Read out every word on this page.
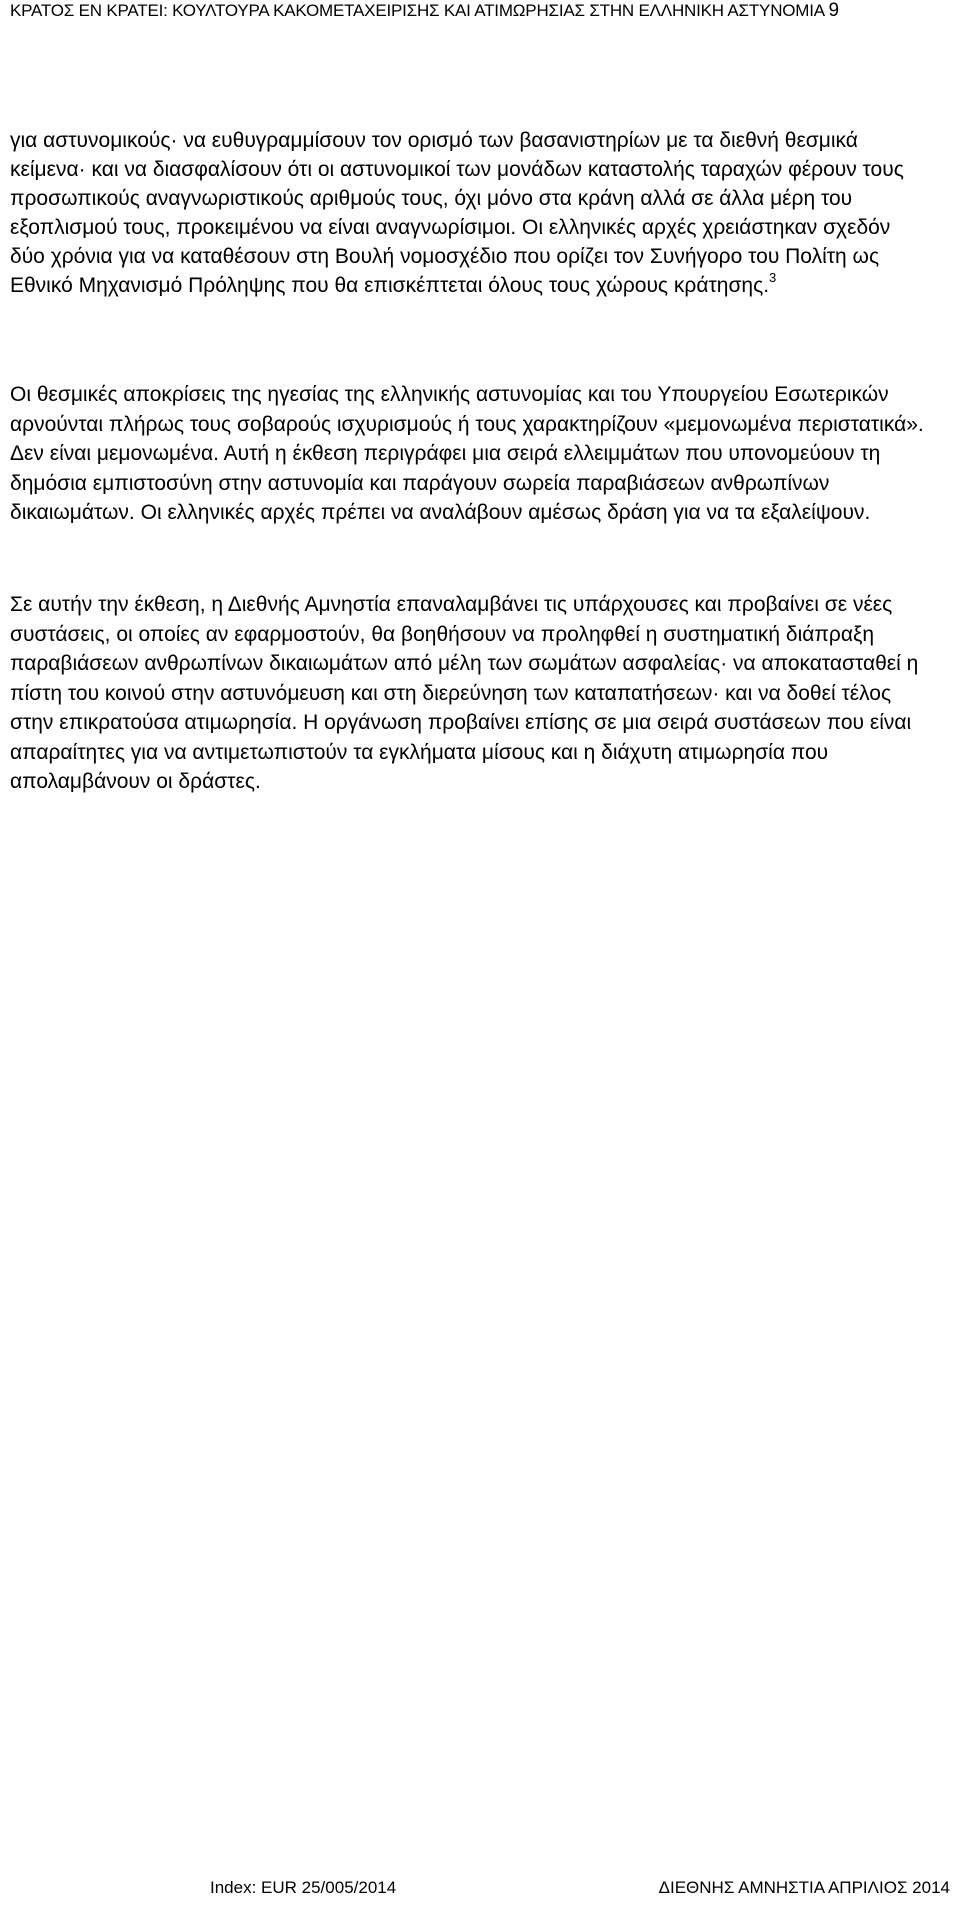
ΚΡΑΤΟΣ ΕΝ ΚΡΑΤΕΙ: ΚΟΥΛΤΟΥΡΑ ΚΑΚΟΜΕΤΑΧΕΙΡΙΣΗΣ ΚΑΙ ΑΤΙΜΩΡΗΣΙΑΣ ΣΤΗΝ ΕΛΛΗΝΙΚΗ ΑΣΤΥΝΟΜΙΑ 9

για αστυνομικούς· να ευθυγραμμίσουν τον ορισμό των βασανιστηρίων με τα διεθνή θεσμικά κείμενα· και να διασφαλίσουν ότι οι αστυνομικοί των μονάδων καταστολής ταραχών φέρουν τους προσωπικούς αναγνωριστικούς αριθμούς τους, όχι μόνο στα κράνη αλλά σε άλλα μέρη του εξοπλισμού τους, προκειμένου να είναι αναγνωρίσιμοι. Οι ελληνικές αρχές χρειάστηκαν σχεδόν δύο χρόνια για να καταθέσουν στη Βουλή νομοσχέδιο που ορίζει τον Συνήγορο του Πολίτη ως Εθνικό Μηχανισμό Πρόληψης που θα επισκέπτεται όλους τους χώρους κράτησης.$^3$

Οι θεσμικές αποκρίσεις της ηγεσίας της ελληνικής αστυνομίας και του Υπουργείου Εσωτερικών αρνούνται πλήρως τους σοβαρούς ισχυρισμούς ή τους χαρακτηρίζουν «μεμονωμένα περιστατικά». Δεν είναι μεμονωμένα. Αυτή η έκθεση περιγράφει μια σειρά ελλειμμάτων που υπονομεύουν τη δημόσια εμπιστοσύνη στην αστυνομία και παράγουν σωρεία παραβιάσεων ανθρωπίνων δικαιωμάτων. Οι ελληνικές αρχές πρέπει να αναλάβουν αμέσως δράση για να τα εξαλείψουν.

Σε αυτήν την έκθεση, η Διεθνής Αμνηστία επαναλαμβάνει τις υπάρχουσες και προβαίνει σε νέες συστάσεις, οι οποίες αν εφαρμοστούν, θα βοηθήσουν να προληφθεί η συστηματική διάπραξη παραβιάσεων ανθρωπίνων δικαιωμάτων από μέλη των σωμάτων ασφαλείας· να αποκατασταθεί η πίστη του κοινού στην αστυνόμευση και στη διερεύνηση των καταπατήσεων· και να δοθεί τέλος στην επικρατούσα ατιμωρησία. Η οργάνωση προβαίνει επίσης σε μια σειρά συστάσεων που είναι απαραίτητες για να αντιμετωπιστούν τα εγκλήματα μίσους και η διάχυτη ατιμωρησία που απολαμβάνουν οι δράστες.

Index: EUR 25/005/2014	ΔΙΕΘΝΗΣ ΑΜΝΗΣΤΙΑ ΑΠΡΙΛΙΟΣ 2014
